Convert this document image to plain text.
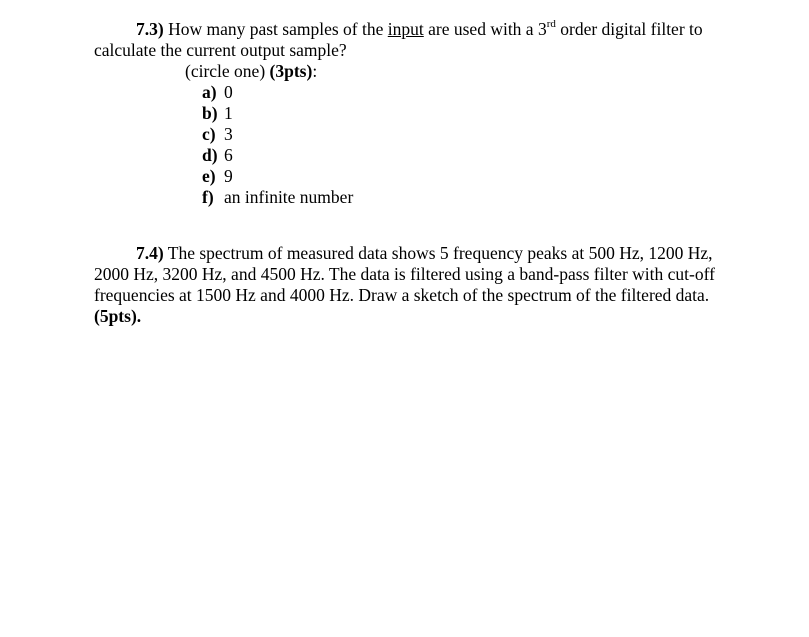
7.3) How many past samples of the input are used with a 3rd order digital filter to
calculate the current output sample?
(circle one) (3pts):
a) 0
b) 1
c) 3
d) 6
e) 9
f) an infinite number
7.4) The spectrum of measured data shows 5 frequency peaks at 500 Hz, 1200 Hz,
2000 Hz, 3200 Hz, and 4500 Hz. The data is filtered using a band-pass filter with cut-off
frequencies at 1500 Hz and 4000 Hz. Draw a sketch of the spectrum of the filtered data.
(5pts).
